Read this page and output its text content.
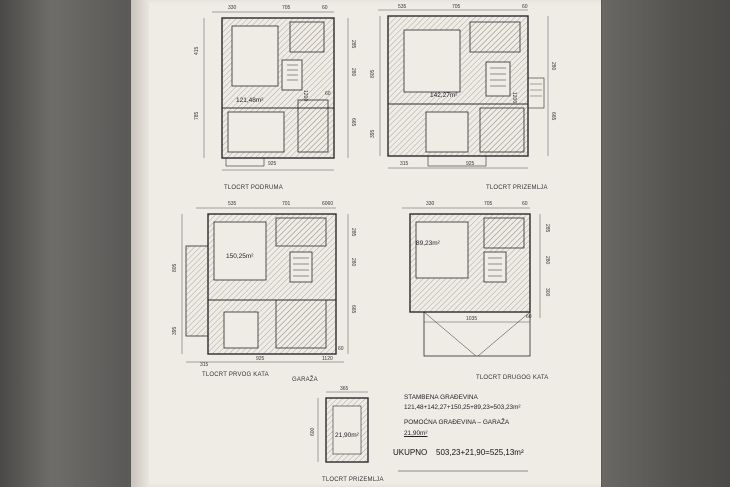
330	705	60
415
785
285
280
665
925
60
1200
121,48m²
TLOCRT PODRUMA
535	705	60
805
395
280
665
315	925
1200
142,27m²
TLOCRT PRIZEMLJA
535	701	6060
805
395
285
280
665
315
925	1120
60
150,25m²
TLOCRT PRVOG KATA
GARAŽA
330	705	60
285
280
300
60
1035
89,23m²
TLOCRT DRUGOG KATA
365
600	21,90m²
TLOCRT PRIZEMLJA
STAMBENA GRAĐEVINA
121,48+142,27+150,25+89,23=503,23m²
POMOĆNA GRAĐEVINA – GARAŽA
21,90m²
UKUPNO 503,23+21,90=525,13m²
